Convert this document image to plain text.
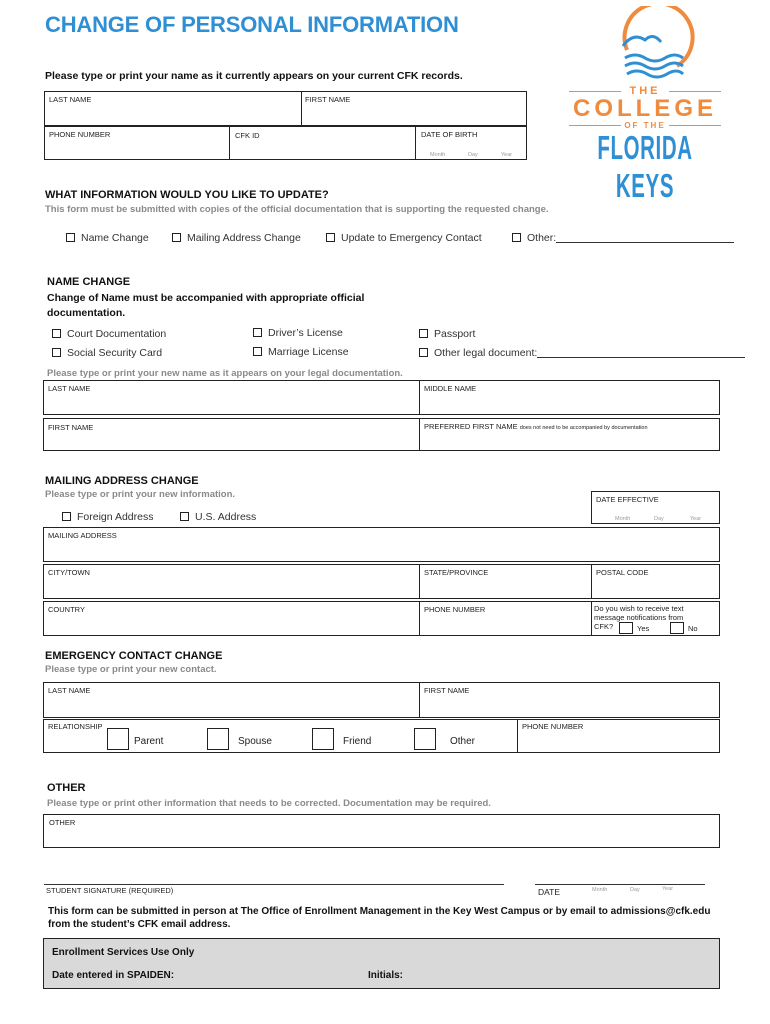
CHANGE OF PERSONAL INFORMATION
THE
COLLEGE
OF THE
FLORIDA KEYS
Please type or print your name as it currently appears on your current CFK records.
LAST NAME	FIRST NAME
PHONE NUMBER	CFK ID	DATE OF BIRTH
Month	Day	Year
WHAT INFORMATION WOULD YOU LIKE TO UPDATE?
This form must be submitted with copies of the official documentation that is supporting the requested change.
Name Change	Mailing Address Change	Update to Emergency Contact	Other:
NAME CHANGE
Change of Name must be accompanied with appropriate official
documentation.
Court Documentation	Driver’s License	Passport
Social Security Card	Marriage License	Other legal document:
Please type or print your new name as it appears on your legal documentation.
LAST NAME	MIDDLE NAME
FIRST NAME	PREFERRED FIRST NAME does not need to be accompanied by documentation
MAILING ADDRESS CHANGE
Please type or print your new information.	DATE EFFECTIVE
Month	Day	Year
Foreign Address	U.S. Address
MAILING ADDRESS
CITY/TOWN	STATE/PROVINCE	POSTAL CODE
COUNTRY	PHONE NUMBER	Do you wish to receive text message notifications from CFK?	Yes	No
EMERGENCY CONTACT CHANGE
Please type or print your new contact.
LAST NAME	FIRST NAME
RELATIONSHIP	PHONE NUMBER
Parent	Spouse	Friend	Other
OTHER
Please type or print other information that needs to be corrected. Documentation may be required.
OTHER
STUDENT SIGNATURE (REQUIRED)	DATE	Month	Day	Year
This form can be submitted in person at The Office of Enrollment Management in the Key West Campus or by email to admissions@cfk.edu from the student’s CFK email address.
Enrollment Services Use Only
Date entered in SPAIDEN:	Initials:
